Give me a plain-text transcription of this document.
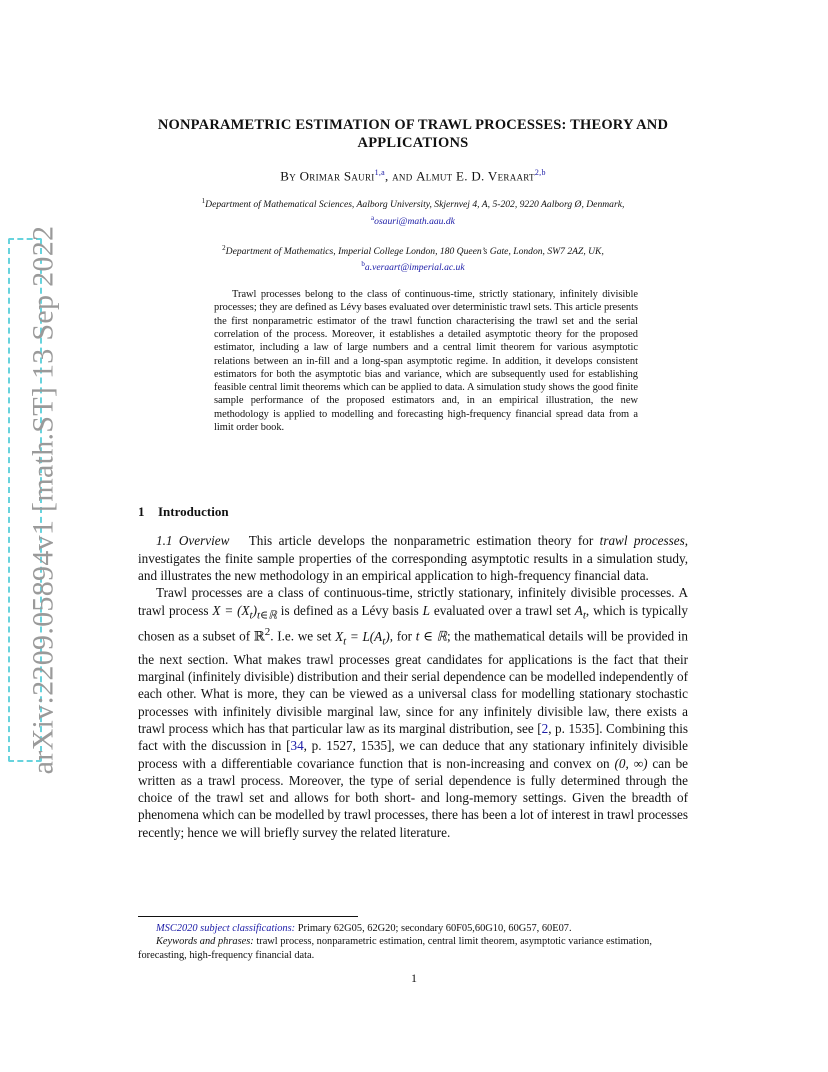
arXiv:2209.05894v1 [math.ST] 13 Sep 2022
NONPARAMETRIC ESTIMATION OF TRAWL PROCESSES: THEORY AND APPLICATIONS
By Orimar Sauri$^{1,a}$, and Almut E. D. Veraart$^{2,b}$
$^1$Department of Mathematical Sciences, Aalborg University, Skjernvej 4, A, 5-202, 9220 Aalborg Ø, Denmark,
$^a$osauri@math.aau.dk
$^2$Department of Mathematics, Imperial College London, 180 Queen’s Gate, London, SW7 2AZ, UK,
$^b$a.veraart@imperial.ac.uk

Trawl processes belong to the class of continuous-time, strictly stationary, infinitely divisible processes; they are defined as Lévy bases evaluated over deterministic trawl sets. This article presents the first nonparametric estimator of the trawl function characterising the trawl set and the serial correlation of the process. Moreover, it establishes a detailed asymptotic theory for the proposed estimator, including a law of large numbers and a central limit theorem for various asymptotic relations between an in-fill and a long-span asymptotic regime. In addition, it develops consistent estimators for both the asymptotic bias and variance, which are subsequently used for establishing feasible central limit theorems which can be applied to data. A simulation study shows the good finite sample performance of the proposed estimators and, in an empirical illustration, the new methodology is applied to modelling and forecasting high-frequency financial spread data from a limit order book.

1 Introduction

1.1 Overview This article develops the nonparametric estimation theory for trawl processes, investigates the finite sample properties of the corresponding asymptotic results in a simulation study, and illustrates the new methodology in an empirical application to high-frequency financial data.

Trawl processes are a class of continuous-time, strictly stationary, infinitely divisible processes. A trawl process $X = (X_t)_{t\in ℝ}$ is defined as a Lévy basis L evaluated over a trawl set $A_t$, which is typically chosen as a subset of ℝ$^2$. I.e. we set $X_t = L(A_t)$, for t ∈ ℝ; the mathematical details will be provided in the next section. What makes trawl processes great candidates for applications is the fact that their marginal (infinitely divisible) distribution and their serial dependence can be modelled independently of each other. What is more, they can be viewed as a universal class for modelling stationary stochastic processes with infinitely divisible marginal law, since for any infinitely divisible law, there exists a trawl process which has that particular law as its marginal distribution, see [2, p. 1535]. Combining this fact with the discussion in [34, p. 1527, 1535], we can deduce that any stationary infinitely divisible process with a differentiable covariance function that is non-increasing and convex on (0, ∞) can be written as a trawl process. Moreover, the type of serial dependence is fully determined through the choice of the trawl set and allows for both short- and long-memory settings. Given the breadth of phenomena which can be modelled by trawl processes, there has been a lot of interest in trawl processes recently; hence we will briefly survey the related literature.

MSC2020 subject classifications: Primary 62G05, 62G20; secondary 60F05,60G10, 60G57, 60E07.

Keywords and phrases: trawl process, nonparametric estimation, central limit theorem, asymptotic variance estimation, forecasting, high-frequency financial data.

1
